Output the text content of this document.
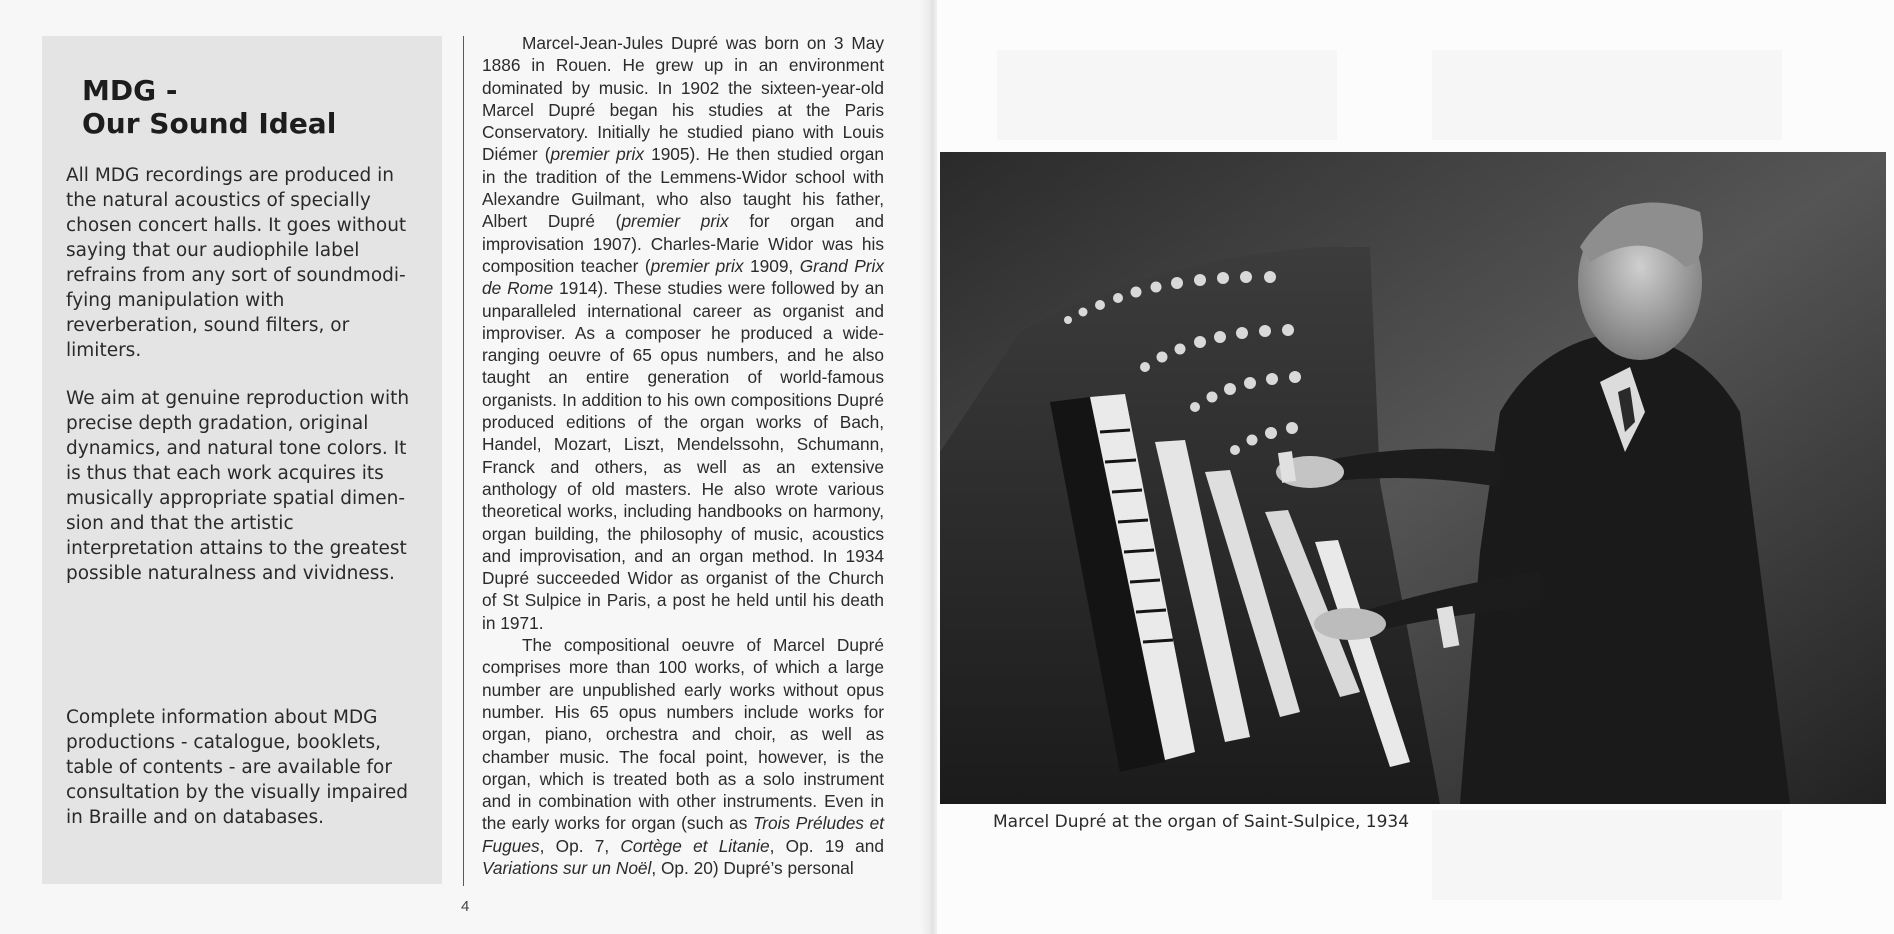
MDG -
Our Sound Ideal

All MDG recordings are produced in the natural acoustics of specially chosen concert halls. It goes without saying that our audiophile label refrains from any sort of soundmodifying manipulation with reverberation, sound filters, or limiters.

We aim at genuine reproduction with precise depth gradation, original dynamics, and natural tone colors. It is thus that each work acquires its musically appropriate spatial dimension and that the artistic interpretation attains to the greatest possible naturalness and vividness.

Complete information about MDG productions - catalogue, booklets, table of contents - are available for consultation by the visually impaired in Braille and on databases.

Marcel-Jean-Jules Dupré was born on 3 May 1886 in Rouen. He grew up in an environment dominated by music. In 1902 the sixteen-year-old Marcel Dupré began his studies at the Paris Conservatory. Initially he studied piano with Louis Diémer (premier prix 1905). He then studied organ in the tradition of the Lemmens-Widor school with Alexandre Guilmant, who also taught his father, Albert Dupré (premier prix for organ and improvisation 1907). Charles-Marie Widor was his composition teacher (premier prix 1909, Grand Prix de Rome 1914). These studies were followed by an unparalleled international career as organist and improviser. As a composer he produced a wide-ranging oeuvre of 65 opus numbers, and he also taught an entire generation of world-famous organists. In addition to his own compositions Dupré produced editions of the organ works of Bach, Handel, Mozart, Liszt, Mendelssohn, Schumann, Franck and others, as well as an extensive anthology of old masters. He also wrote various theoretical works, including handbooks on harmony, organ building, the philosophy of music, acoustics and improvisation, and an organ method. In 1934 Dupré succeeded Widor as organist of the Church of St Sulpice in Paris, a post he held until his death in 1971.

The compositional oeuvre of Marcel Dupré comprises more than 100 works, of which a large number are unpublished early works without opus number. His 65 opus numbers include works for organ, piano, orchestra and choir, as well as chamber music. The focal point, however, is the organ, which is treated both as a solo instrument and in combination with other instruments. Even in the early works for organ (such as Trois Préludes et Fugues, Op. 7, Cortège et Litanie, Op. 19 and Variations sur un Noël, Op. 20) Dupré’s personal

4

Marcel Dupré at the organ of Saint-Sulpice, 1934
